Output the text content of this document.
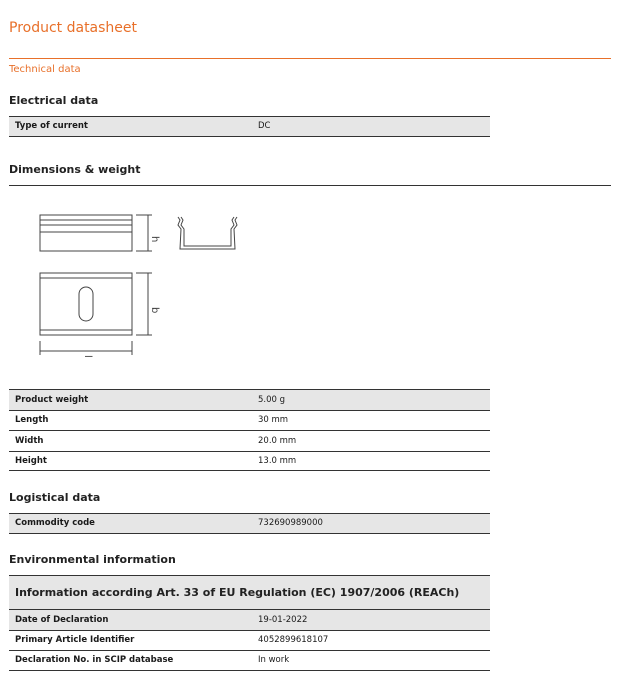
Product datasheet
Technical data
Electrical data
Type of current	DC
Dimensions & weight
h
b
l
Product weight	5.00 g
Length	30 mm
Width	20.0 mm
Height	13.0 mm
Logistical data
Commodity code	732690989000
Environmental information
Information according Art. 33 of EU Regulation (EC) 1907/2006 (REACh)
Date of Declaration	19-01-2022
Primary Article Identifier	4052899618107
Declaration No. in SCIP database	In work
